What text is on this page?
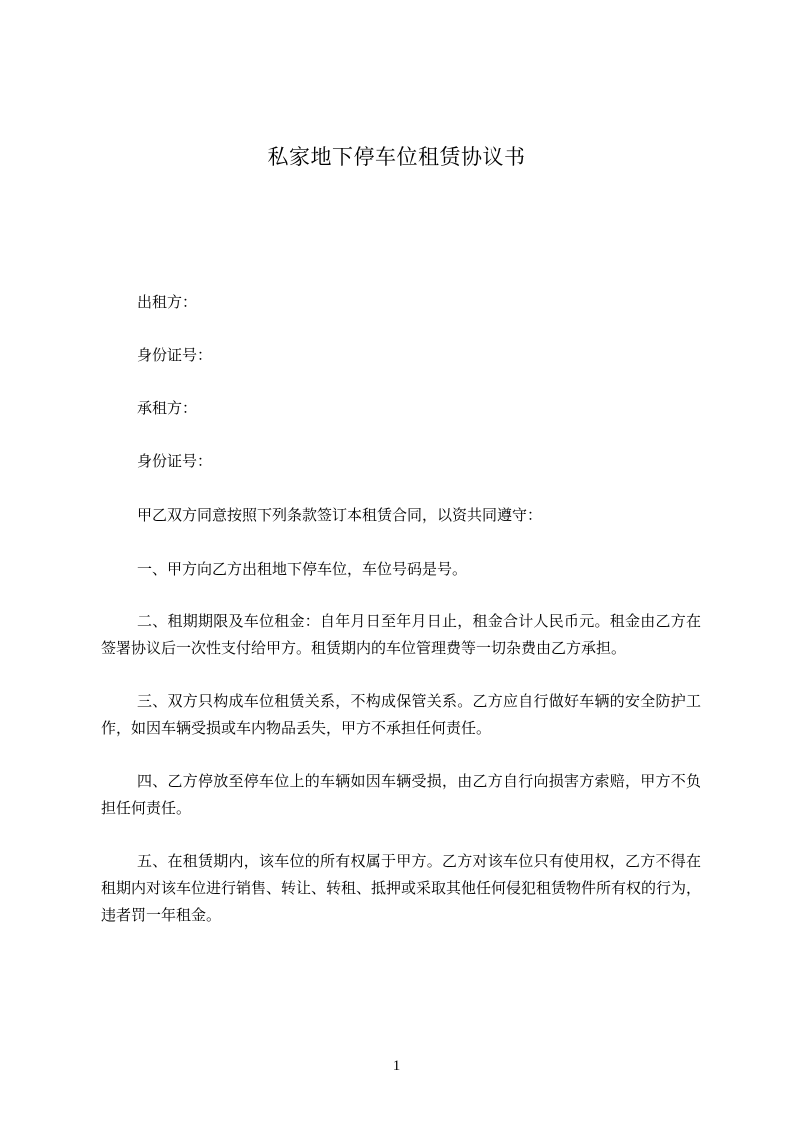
私家地下停车位租赁协议书
出租方：
身份证号：
承租方：
身份证号：
甲乙双方同意按照下列条款签订本租赁合同，以资共同遵守：
一、甲方向乙方出租地下停车位，车位号码是号。
二、租期期限及车位租金：自年月日至年月日止，租金合计人民币元。租金由乙方在签署协议后一次性支付给甲方。租赁期内的车位管理费等一切杂费由乙方承担。
三、双方只构成车位租赁关系，不构成保管关系。乙方应自行做好车辆的安全防护工作，如因车辆受损或车内物品丢失，甲方不承担任何责任。
四、乙方停放至停车位上的车辆如因车辆受损，由乙方自行向损害方索赔，甲方不负担任何责任。
五、在租赁期内，该车位的所有权属于甲方。乙方对该车位只有使用权，乙方不得在租期内对该车位进行销售、转让、转租、抵押或采取其他任何侵犯租赁物件所有权的行为，违者罚一年租金。
1
